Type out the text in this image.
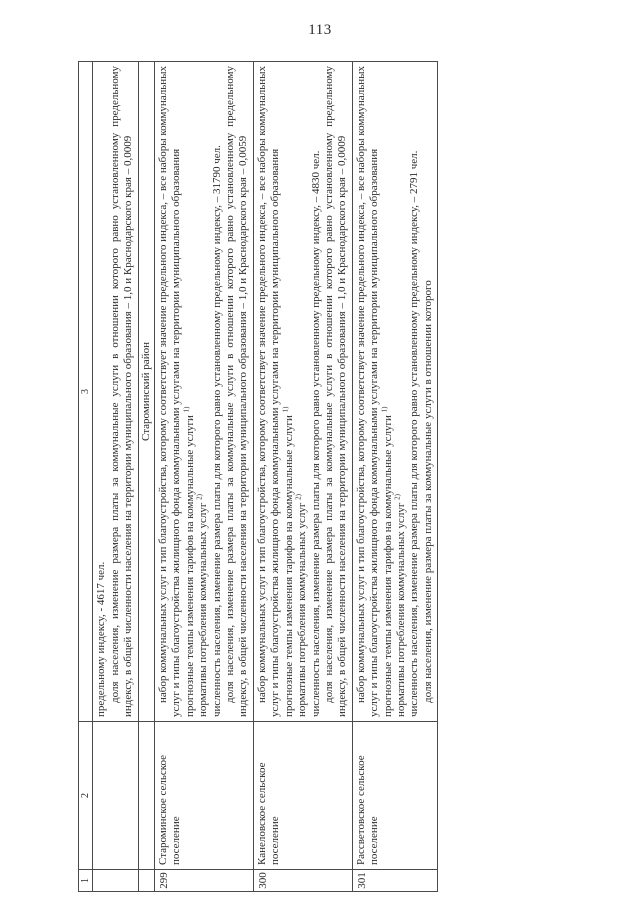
113
1	2	3

		предельному индексу, - 4617 чел. доля населения, изменение размера платы за коммунальные услуги в отношении которого равно установленному предельному индексу, в общей численности населения на территории муниципального образования – 1,0 и Краснодарского края – 0,0009

		Староминский район
299	Староминское сельское поселение	набор коммунальных услуг и тип благоустройства, которому соответствует значение предельного индекса, – все наборы коммунальных услуг и типы благоустройства жилищного фонда коммунальными услугами на территории муниципального образования прогнозные темпы изменения тарифов на коммунальные услуги $^{1)}$
нормативы потребления коммунальных услуг $^{2)}$ численность населения, изменение размера платы для которого равно установленному предельному индексу, – 31790 чел. доля населения, изменение размера платы за коммунальные услуги в отношении которого равно установленному предельному индексу, в общей численности населения на территории муниципального образования – 1,0 и Краснодарского края – 0,0059

300	Канеловское сельское поселение	набор коммунальных услуг и тип благоустройства, которому соответствует значение предельного индекса, – все наборы коммунальных услуг и типы благоустройства жилищного фонда коммунальными услугами на территории муниципального образования прогнозные темпы изменения тарифов на коммунальные услуги $^{1)}$
нормативы потребления коммунальных услуг $^{2)}$ численность населения, изменение размера платы для которого равно установленному предельному индексу, – 4830 чел. доля населения, изменение размера платы за коммунальные услуги в отношении которого равно установленному предельному индексу, в общей численности населения на территории муниципального образования – 1,0 и Краснодарского края – 0,0009

301	Рассветовское сельское поселение	набор коммунальных услуг и тип благоустройства, которому соответствует значение предельного индекса, – все наборы коммунальных услуг и типы благоустройства жилищного фонда коммунальными услугами на территории муниципального образования прогнозные темпы изменения тарифов на коммунальные услуги $^{1)}$
нормативы потребления коммунальных услуг $^{2)}$ численность населения, изменение размера платы для которого равно установленному предельному индексу, – 2791 чел. доля населения, изменение размера платы за коммунальные услуги в отношении которого
